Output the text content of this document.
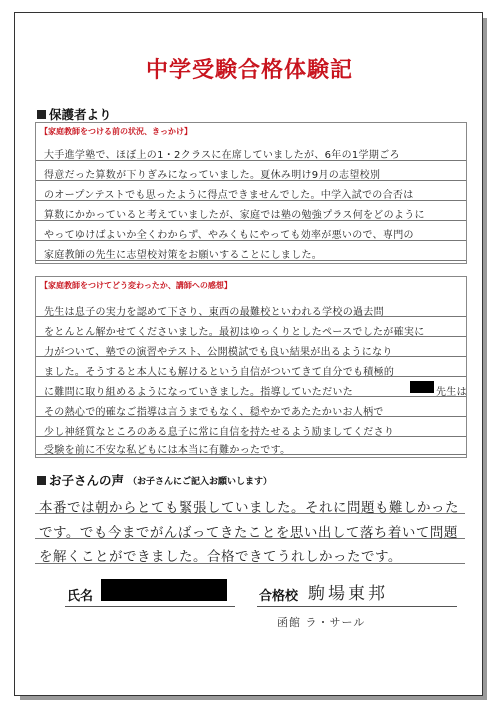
中学受験合格体験記
保護者より
【家庭教師をつける前の状況、きっかけ】
大手進学塾で、ほぼ上の1・2クラスに在席していましたが、6年の1学期ごろ
得意だった算数が下りぎみになっていました。夏休み明け9月の志望校別
のオープンテストでも思ったように得点できませんでした。中学入試での合否は
算数にかかっていると考えていましたが、家庭では塾の勉強プラス何をどのように
やってゆけばよいか全くわからず、やみくもにやっても効率が悪いので、専門の
家庭教師の先生に志望校対策をお願いすることにしました。
【家庭教師をつけてどう変わったか、講師への感想】
先生は息子の実力を認めて下さり、東西の最難校といわれる学校の過去問
をとんとん解かせてくださいました。最初はゆっくりとしたペースでしたが確実に
力がついて、塾での演習やテスト、公開模試でも良い結果が出るようになり
ました。そうすると本人にも解けるという自信がついてきて自分でも積極的
に難問に取り組めるようになっていきました。指導していただいた	先生は
その熱心で的確なご指導は言うまでもなく、穏やかであたたかいお人柄で
少し神経質なところのある息子に常に自信を持たせるよう励ましてくださり
受験を前に不安な私どもには本当に有難かったです。
お子さんの声 （お子さんにご記入お願いします）
本番では朝からとても緊張していました。それに問題も難しかった
です。でも今までがんばってきたことを思い出して落ち着いて問題
を解くことができました。合格できてうれしかったです。
氏名	合格校 駒場東邦
函館 ラ・サール
